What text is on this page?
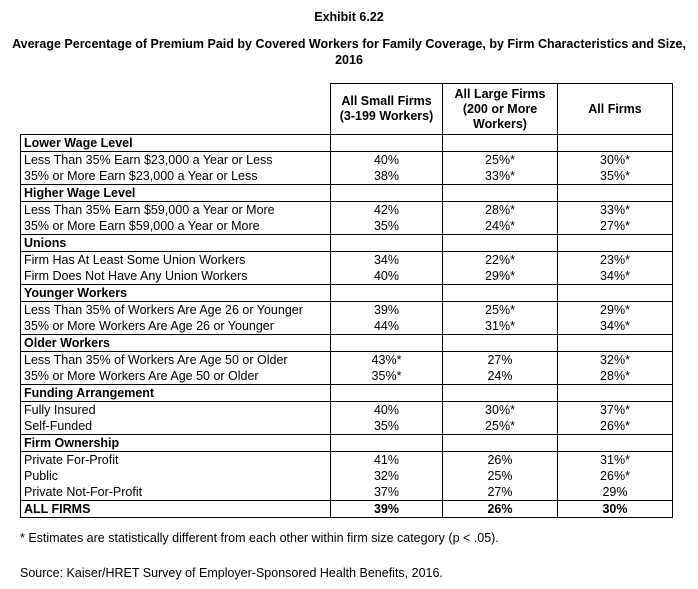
Exhibit 6.22
Average Percentage of Premium Paid by Covered Workers for Family Coverage, by Firm Characteristics and Size, 2016
	All Small Firms (3-199 Workers)	All Large Firms (200 or More Workers)	All Firms
Lower Wage Level			
Less Than 35% Earn $23,000 a Year or Less	40%	25%*	30%*
35% or More Earn $23,000 a Year or Less	38%	33%*	35%*
Higher Wage Level			
Less Than 35% Earn $59,000 a Year or More	42%	28%*	33%*
35% or More Earn $59,000 a Year or More	35%	24%*	27%*
Unions			
Firm Has At Least Some Union Workers	34%	22%*	23%*
Firm Does Not Have Any Union Workers	40%	29%*	34%*
Younger Workers			
Less Than 35% of Workers Are Age 26 or Younger	39%	25%*	29%*
35% or More Workers Are Age 26 or Younger	44%	31%*	34%*
Older Workers			
Less Than 35% of Workers Are Age 50 or Older	43%*	27%	32%*
35% or More Workers Are Age 50 or Older	35%*	24%	28%*
Funding Arrangement			
Fully Insured	40%	30%*	37%*
Self-Funded	35%	25%*	26%*
Firm Ownership			
Private For-Profit	41%	26%	31%*
Public	32%	25%	26%*
Private Not-For-Profit	37%	27%	29%
ALL FIRMS	39%	26%	30%
* Estimates are statistically different from each other within firm size category (p < .05).
Source: Kaiser/HRET Survey of Employer-Sponsored Health Benefits, 2016.
